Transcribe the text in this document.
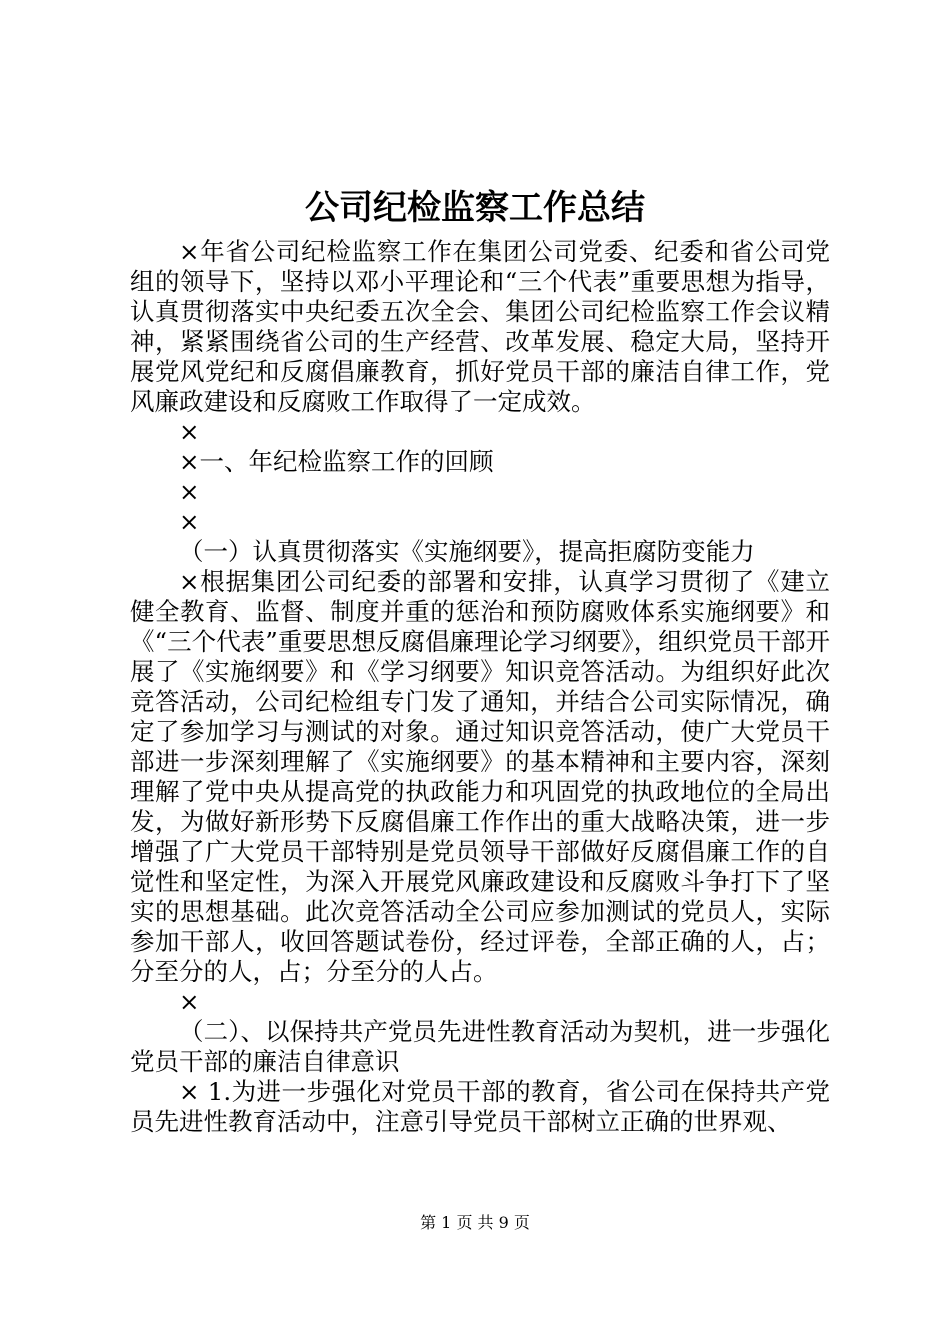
公司纪检监察工作总结

×年省公司纪检监察工作在集团公司党委、纪委和省公司党组的领导下，坚持以邓小平理论和“三个代表”重要思想为指导，认真贯彻落实中央纪委五次全会、集团公司纪检监察工作会议精神，紧紧围绕省公司的生产经营、改革发展、稳定大局，坚持开展党风党纪和反腐倡廉教育，抓好党员干部的廉洁自律工作，党风廉政建设和反腐败工作取得了一定成效。

×

×一、年纪检监察工作的回顾

×

×

（一）认真贯彻落实《实施纲要》，提高拒腐防变能力

×根据集团公司纪委的部署和安排，认真学习贯彻了《建立健全教育、监督、制度并重的惩治和预防腐败体系实施纲要》和《“三个代表”重要思想反腐倡廉理论学习纲要》，组织党员干部开展了《实施纲要》和《学习纲要》知识竞答活动。为组织好此次竞答活动，公司纪检组专门发了通知，并结合公司实际情况，确定了参加学习与测试的对象。通过知识竞答活动，使广大党员干部进一步深刻理解了《实施纲要》的基本精神和主要内容，深刻理解了党中央从提高党的执政能力和巩固党的执政地位的全局出发，为做好新形势下反腐倡廉工作作出的重大战略决策，进一步增强了广大党员干部特别是党员领导干部做好反腐倡廉工作的自觉性和坚定性，为深入开展党风廉政建设和反腐败斗争打下了坚实的思想基础。此次竞答活动全公司应参加测试的党员人，实际参加干部人，收回答题试卷份，经过评卷，全部正确的人，占；分至分的人，占；分至分的人占。

×

（二）、以保持共产党员先进性教育活动为契机，进一步强化党员干部的廉洁自律意识

× 1.为进一步强化对党员干部的教育，省公司在保持共产党员先进性教育活动中，注意引导党员干部树立正确的世界观、

第 1 页 共 9 页
